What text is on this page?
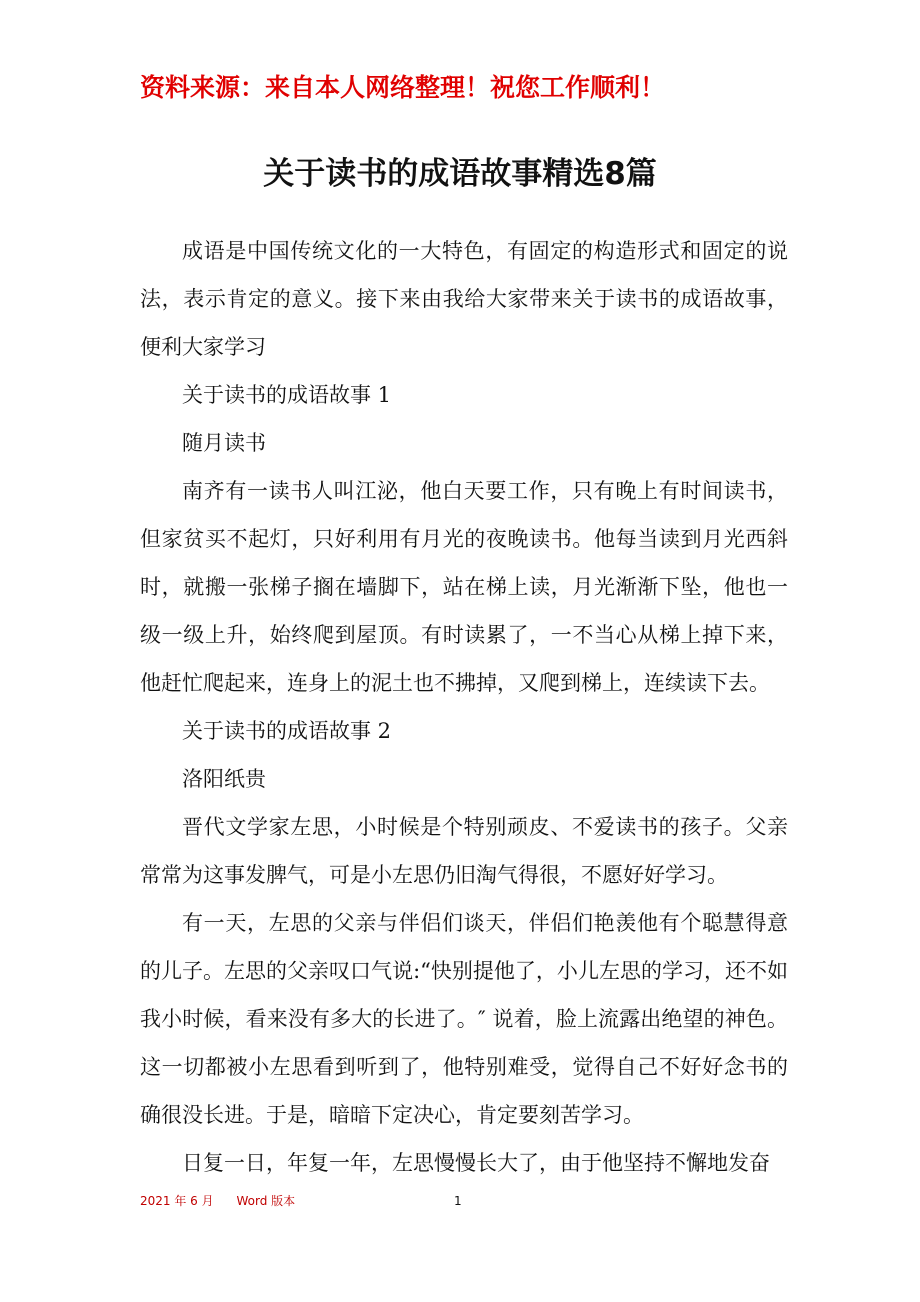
资料来源：来自本人网络整理！祝您工作顺利！
关于读书的成语故事精选8篇

成语是中国传统文化的一大特色，有固定的构造形式和固定的说法，表示肯定的意义。接下来由我给大家带来关于读书的成语故事，便利大家学习

关于读书的成语故事 1

随月读书

南齐有一读书人叫江泌，他白天要工作，只有晚上有时间读书，但家贫买不起灯，只好利用有月光的夜晚读书。他每当读到月光西斜时，就搬一张梯子搁在墙脚下，站在梯上读，月光渐渐下坠，他也一级一级上升，始终爬到屋顶。有时读累了，一不当心从梯上掉下来，他赶忙爬起来，连身上的泥土也不拂掉，又爬到梯上，连续读下去。

关于读书的成语故事 2

洛阳纸贵

晋代文学家左思，小时候是个特别顽皮、不爱读书的孩子。父亲常常为这事发脾气，可是小左思仍旧淘气得很，不愿好好学习。

有一天，左思的父亲与伴侣们谈天，伴侣们艳羡他有个聪慧得意的儿子。左思的父亲叹口气说:“快别提他了，小儿左思的学习，还不如我小时候，看来没有多大的长进了。″ 说着，脸上流露出绝望的神色。这一切都被小左思看到听到了，他特别难受，觉得自己不好好念书的确很没长进。于是，暗暗下定决心，肯定要刻苦学习。

日复一日，年复一年，左思慢慢长大了，由于他坚持不懈地发奋

2021 年 6 月 Word 版本	1
